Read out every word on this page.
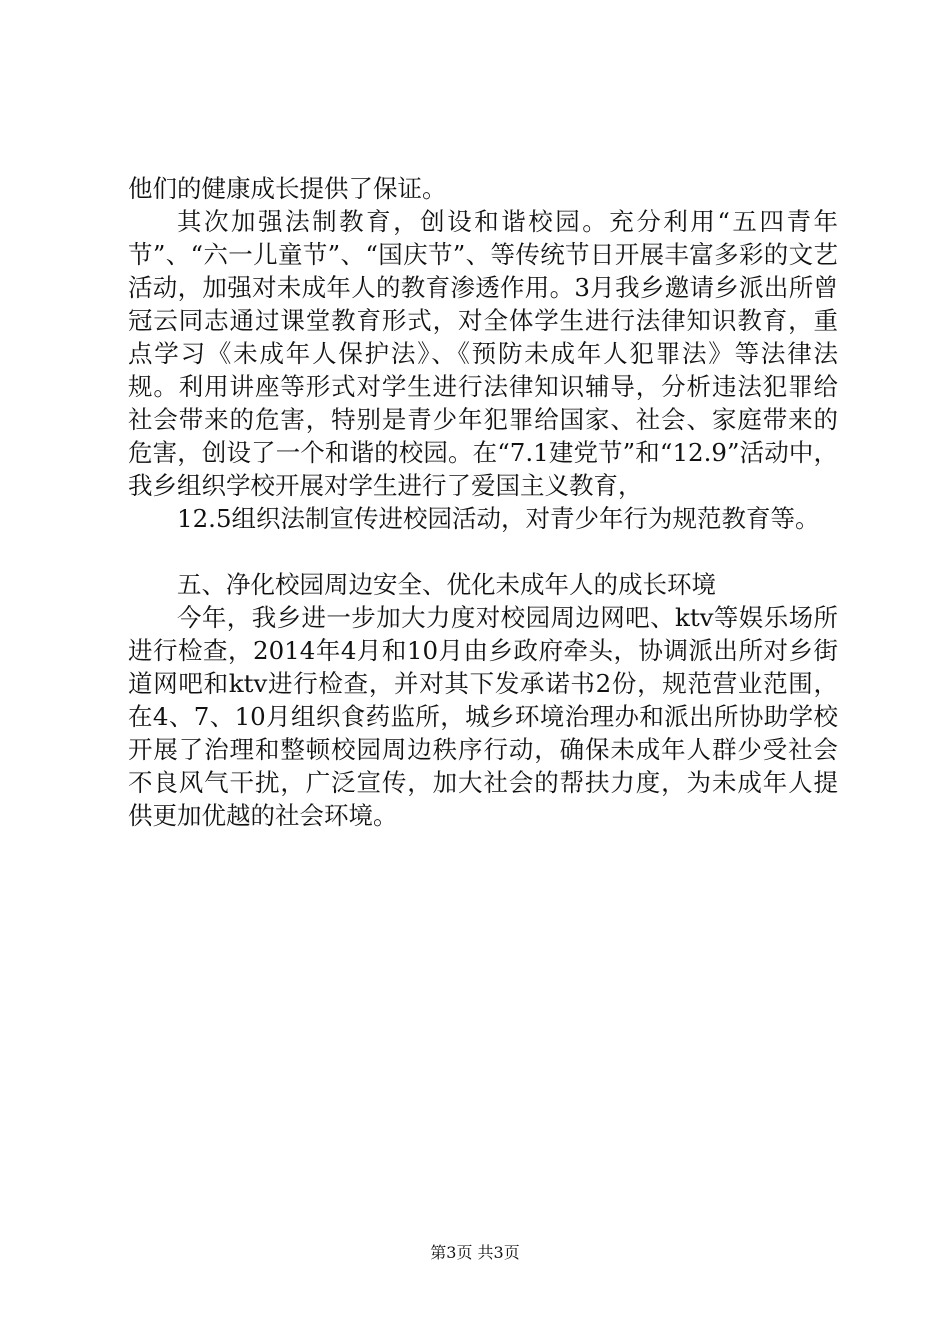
他们的健康成长提供了保证。

其次加强法制教育，创设和谐校园。充分利用“五四青年节”、“六一儿童节”、“国庆节”、等传统节日开展丰富多彩的文艺活动，加强对未成年人的教育渗透作用。3月我乡邀请乡派出所曾冠云同志通过课堂教育形式，对全体学生进行法律知识教育，重点学习《未成年人保护法》、《预防未成年人犯罪法》等法律法规。利用讲座等形式对学生进行法律知识辅导，分析违法犯罪给社会带来的危害，特别是青少年犯罪给国家、社会、家庭带来的危害，创设了一个和谐的校园。在“7.1建党节”和“12.9”活动中，我乡组织学校开展对学生进行了爱国主义教育，

12.5组织法制宣传进校园活动，对青少年行为规范教育等。

五、净化校园周边安全、优化未成年人的成长环境

今年，我乡进一步加大力度对校园周边网吧、ktv等娱乐场所进行检查，2014年4月和10月由乡政府牵头，协调派出所对乡街道网吧和ktv进行检查，并对其下发承诺书2份，规范营业范围，在4、7、10月组织食药监所，城乡环境治理办和派出所协助学校开展了治理和整顿校园周边秩序行动，确保未成年人群少受社会不良风气干扰，广泛宣传，加大社会的帮扶力度，为未成年人提供更加优越的社会环境。

第3页 共3页
